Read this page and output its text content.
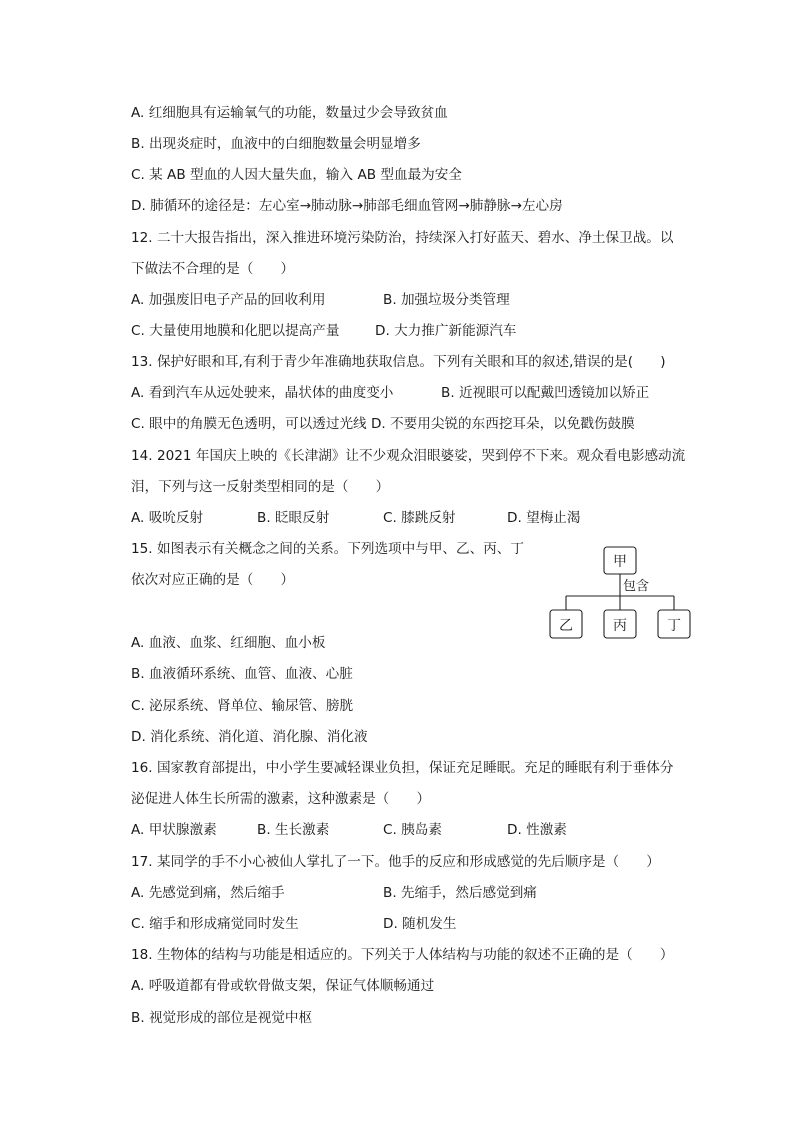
A. 红细胞具有运输氧气的功能，数量过少会导致贫血
B. 出现炎症时，血液中的白细胞数量会明显增多
C. 某 AB 型血的人因大量失血，输入 AB 型血最为安全
D. 肺循环的途径是：左心室→肺动脉→肺部毛细血管网→肺静脉→左心房
12. 二十大报告指出，深入推进环境污染防治，持续深入打好蓝天、碧水、净土保卫战。以
下做法不合理的是（　　）
A. 加强废旧电子产品的回收利用	B. 加强垃圾分类管理
C. 大量使用地膜和化肥以提高产量	D. 大力推广新能源汽车
13. 保护好眼和耳,有利于青少年准确地获取信息。下列有关眼和耳的叙述,错误的是(　　)
A. 看到汽车从远处驶来，晶状体的曲度变小	B. 近视眼可以配戴凹透镜加以矫正
C. 眼中的角膜无色透明，可以透过光线 D. 不要用尖锐的东西挖耳朵，以免戳伤鼓膜
14. 2021 年国庆上映的《长津湖》让不少观众泪眼婆娑，哭到停不下来。观众看电影感动流
泪，下列与这一反射类型相同的是（　　）
A. 吸吮反射	B. 眨眼反射	C. 膝跳反射	D. 望梅止渴
15. 如图表示有关概念之间的关系。下列选项中与甲、乙、丙、丁
依次对应正确的是（　　）
甲
包含
乙	丙	丁
A. 血液、血浆、红细胞、血小板
B. 血液循环系统、血管、血液、心脏
C. 泌尿系统、肾单位、输尿管、膀胱
D. 消化系统、消化道、消化腺、消化液
16. 国家教育部提出，中小学生要减轻课业负担，保证充足睡眠。充足的睡眠有利于垂体分
泌促进人体生长所需的激素，这种激素是（　　）
A. 甲状腺激素	B. 生长激素	C. 胰岛素	D. 性激素
17. 某同学的手不小心被仙人掌扎了一下。他手的反应和形成感觉的先后顺序是（　　）
A. 先感觉到痛，然后缩手	B. 先缩手，然后感觉到痛
C. 缩手和形成痛觉同时发生	D. 随机发生
18. 生物体的结构与功能是相适应的。下列关于人体结构与功能的叙述不正确的是（　　）
A. 呼吸道都有骨或软骨做支架，保证气体顺畅通过
B. 视觉形成的部位是视觉中枢
